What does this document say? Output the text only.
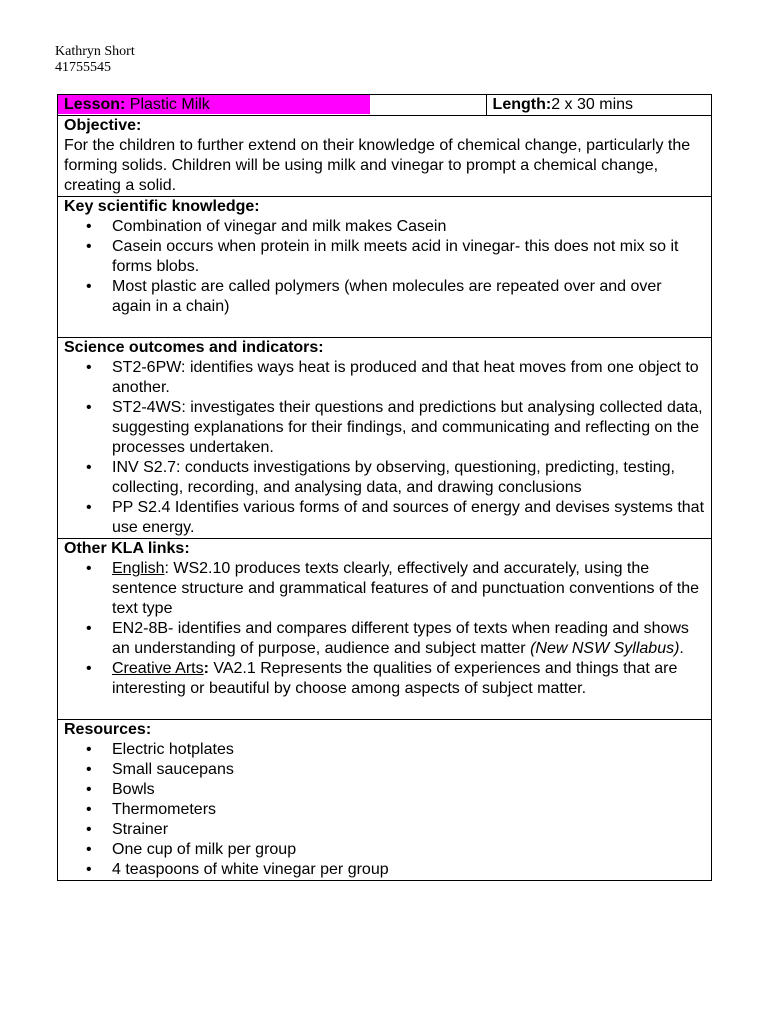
Kathryn Short
41755545
Lesson: Plastic Milk	Length:2 x 30 mins

Objective:
For the children to further extend on their knowledge of chemical change, particularly the forming solids. Children will be using milk and vinegar to prompt a chemical change, creating a solid.

Key scientific knowledge:
• Combination of vinegar and milk makes Casein
• Casein occurs when protein in milk meets acid in vinegar- this does not mix so it forms blobs.
• Most plastic are called polymers (when molecules are repeated over and over again in a chain)

Science outcomes and indicators:
• ST2-6PW: identifies ways heat is produced and that heat moves from one object to another.
• ST2-4WS: investigates their questions and predictions but analysing collected data, suggesting explanations for their findings, and communicating and reflecting on the processes undertaken.
• INV S2.7: conducts investigations by observing, questioning, predicting, testing, collecting, recording, and analysing data, and drawing conclusions
• PP S2.4 Identifies various forms of and sources of energy and devises systems that use energy.

Other KLA links:
• English: WS2.10 produces texts clearly, effectively and accurately, using the sentence structure and grammatical features of and punctuation conventions of the text type
• EN2-8B- identifies and compares different types of texts when reading and shows an understanding of purpose, audience and subject matter (New NSW Syllabus).
• Creative Arts: VA2.1 Represents the qualities of experiences and things that are interesting or beautiful by choose among aspects of subject matter.

Resources:
• Electric hotplates
• Small saucepans
• Bowls
• Thermometers
• Strainer
• One cup of milk per group
• 4 teaspoons of white vinegar per group
